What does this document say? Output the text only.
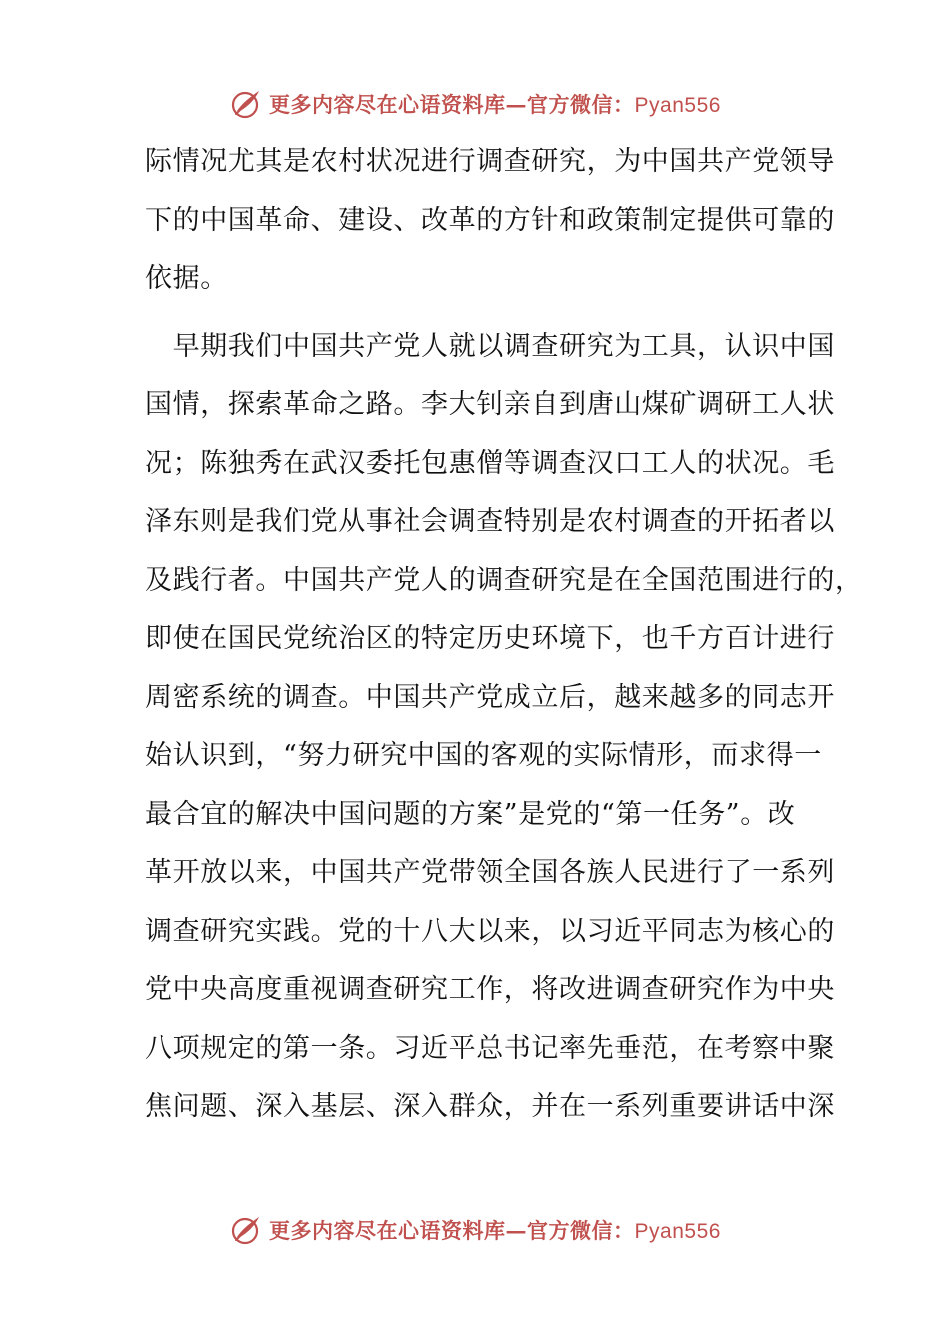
更多内容尽在心语资料库—官方微信：Pyan556
际情况尤其是农村状况进行调查研究，为中国共产党领导
下的中国革命、建设、改革的方针和政策制定提供可靠的
依据。
　早期我们中国共产党人就以调查研究为工具，认识中国
国情，探索革命之路。李大钊亲自到唐山煤矿调研工人状
况；陈独秀在武汉委托包惠僧等调查汉口工人的状况。毛
泽东则是我们党从事社会调查特别是农村调查的开拓者以
及践行者。中国共产党人的调查研究是在全国范围进行的，
即使在国民党统治区的特定历史环境下，也千方百计进行
周密系统的调查。中国共产党成立后，越来越多的同志开
始认识到，“努力研究中国的客观的实际情形，而求得一
最合宜的解决中国问题的方案”是党的“第一任务”。改
革开放以来，中国共产党带领全国各族人民进行了一系列
调查研究实践。党的十八大以来，以习近平同志为核心的
党中央高度重视调查研究工作，将改进调查研究作为中央
八项规定的第一条。习近平总书记率先垂范，在考察中聚
焦问题、深入基层、深入群众，并在一系列重要讲话中深
更多内容尽在心语资料库—官方微信：Pyan556
